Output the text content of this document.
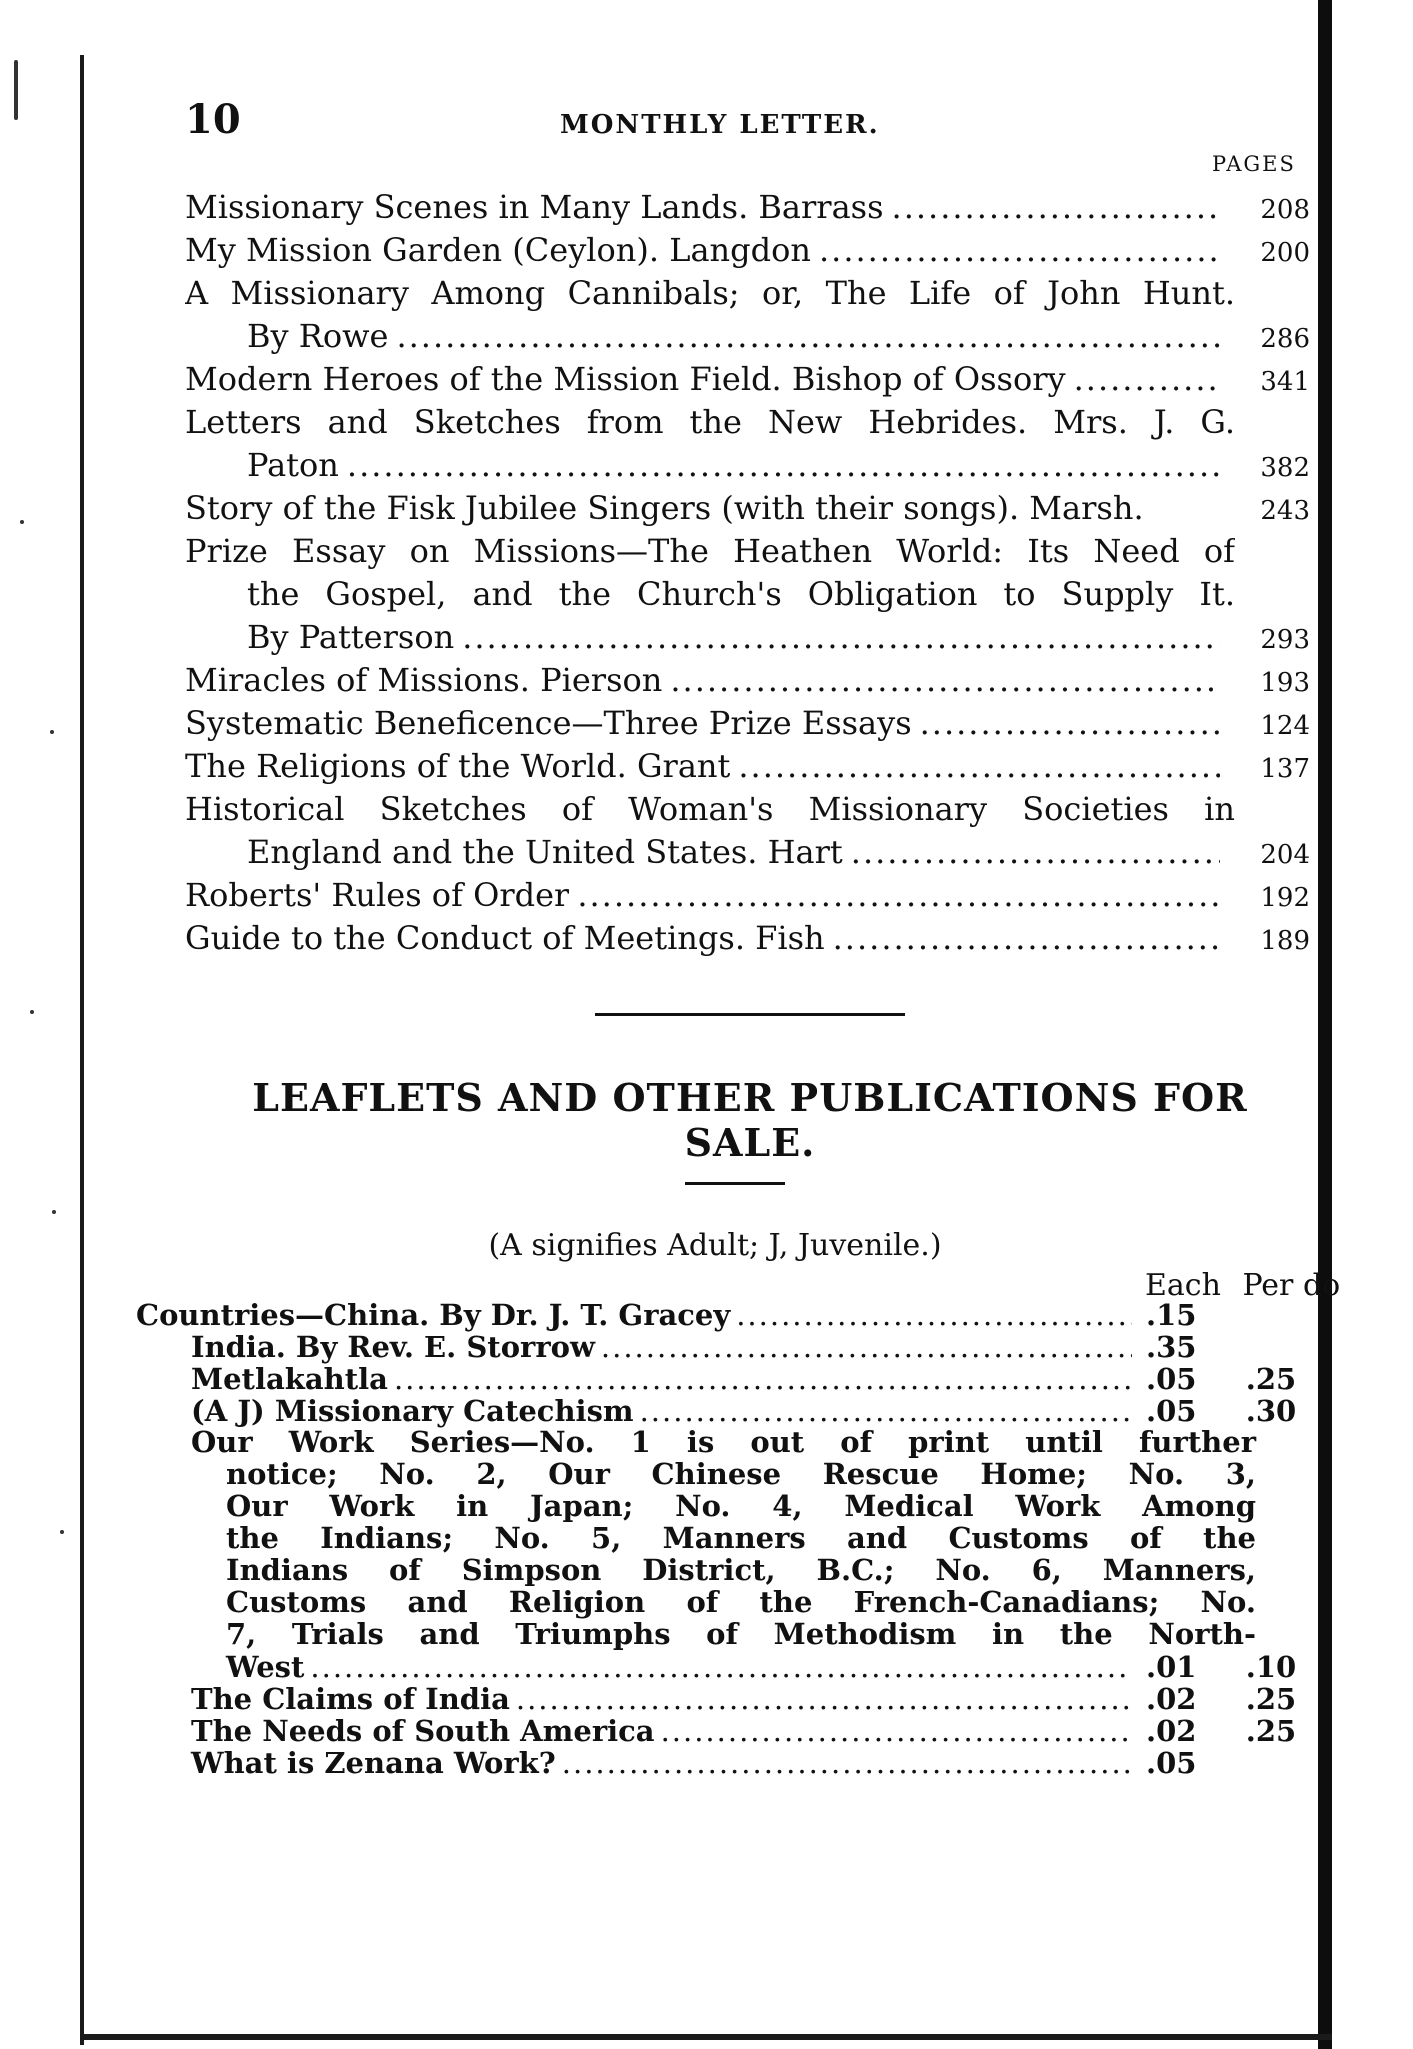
10	MONTHLY LETTER.
PAGES
Missionary Scenes in Many Lands. Barrass .....	208
My Mission Garden (Ceylon). Langdon .....	200
A Missionary Among Cannibals; or, The Life of John Hunt.
By Rowe .....	286
Modern Heroes of the Mission Field. Bishop of Ossory .....	341
Letters and Sketches from the New Hebrides. Mrs. J. G.
Paton .....	382
Story of the Fisk Jubilee Singers (with their songs). Marsh.	243
Prize Essay on Missions—The Heathen World: Its Need of
the Gospel, and the Church's Obligation to Supply It.
By Patterson .....	293
Miracles of Missions. Pierson .....	193
Systematic Beneficence—Three Prize Essays .....	124
The Religions of the World. Grant .....	137
Historical Sketches of Woman's Missionary Societies in
England and the United States. Hart .....	204
Roberts' Rules of Order .....	192
Guide to the Conduct of Meetings. Fish .....	189
LEAFLETS AND OTHER PUBLICATIONS FOR SALE.
(A signifies Adult; J, Juvenile.)
Each Per do
Countries—China. By Dr. J. T. Gracey .....	.15
India. By Rev. E. Storrow .....	.35
Metlakahtla .....	.05	.25
(A J) Missionary Catechism .....	.05	.30
Our Work Series—No. 1 is out of print until further
notice; No. 2, Our Chinese Rescue Home; No. 3,
Our Work in Japan; No. 4, Medical Work Among
the Indians; No. 5, Manners and Customs of the
Indians of Simpson District, B.C.; No. 6, Manners,
Customs and Religion of the French-Canadians; No.
7, Trials and Triumphs of Methodism in the North-
West .....	.01	.10
The Claims of India .....	.02	.25
The Needs of South America .....	.02	.25
What is Zenana Work? .....	.05
